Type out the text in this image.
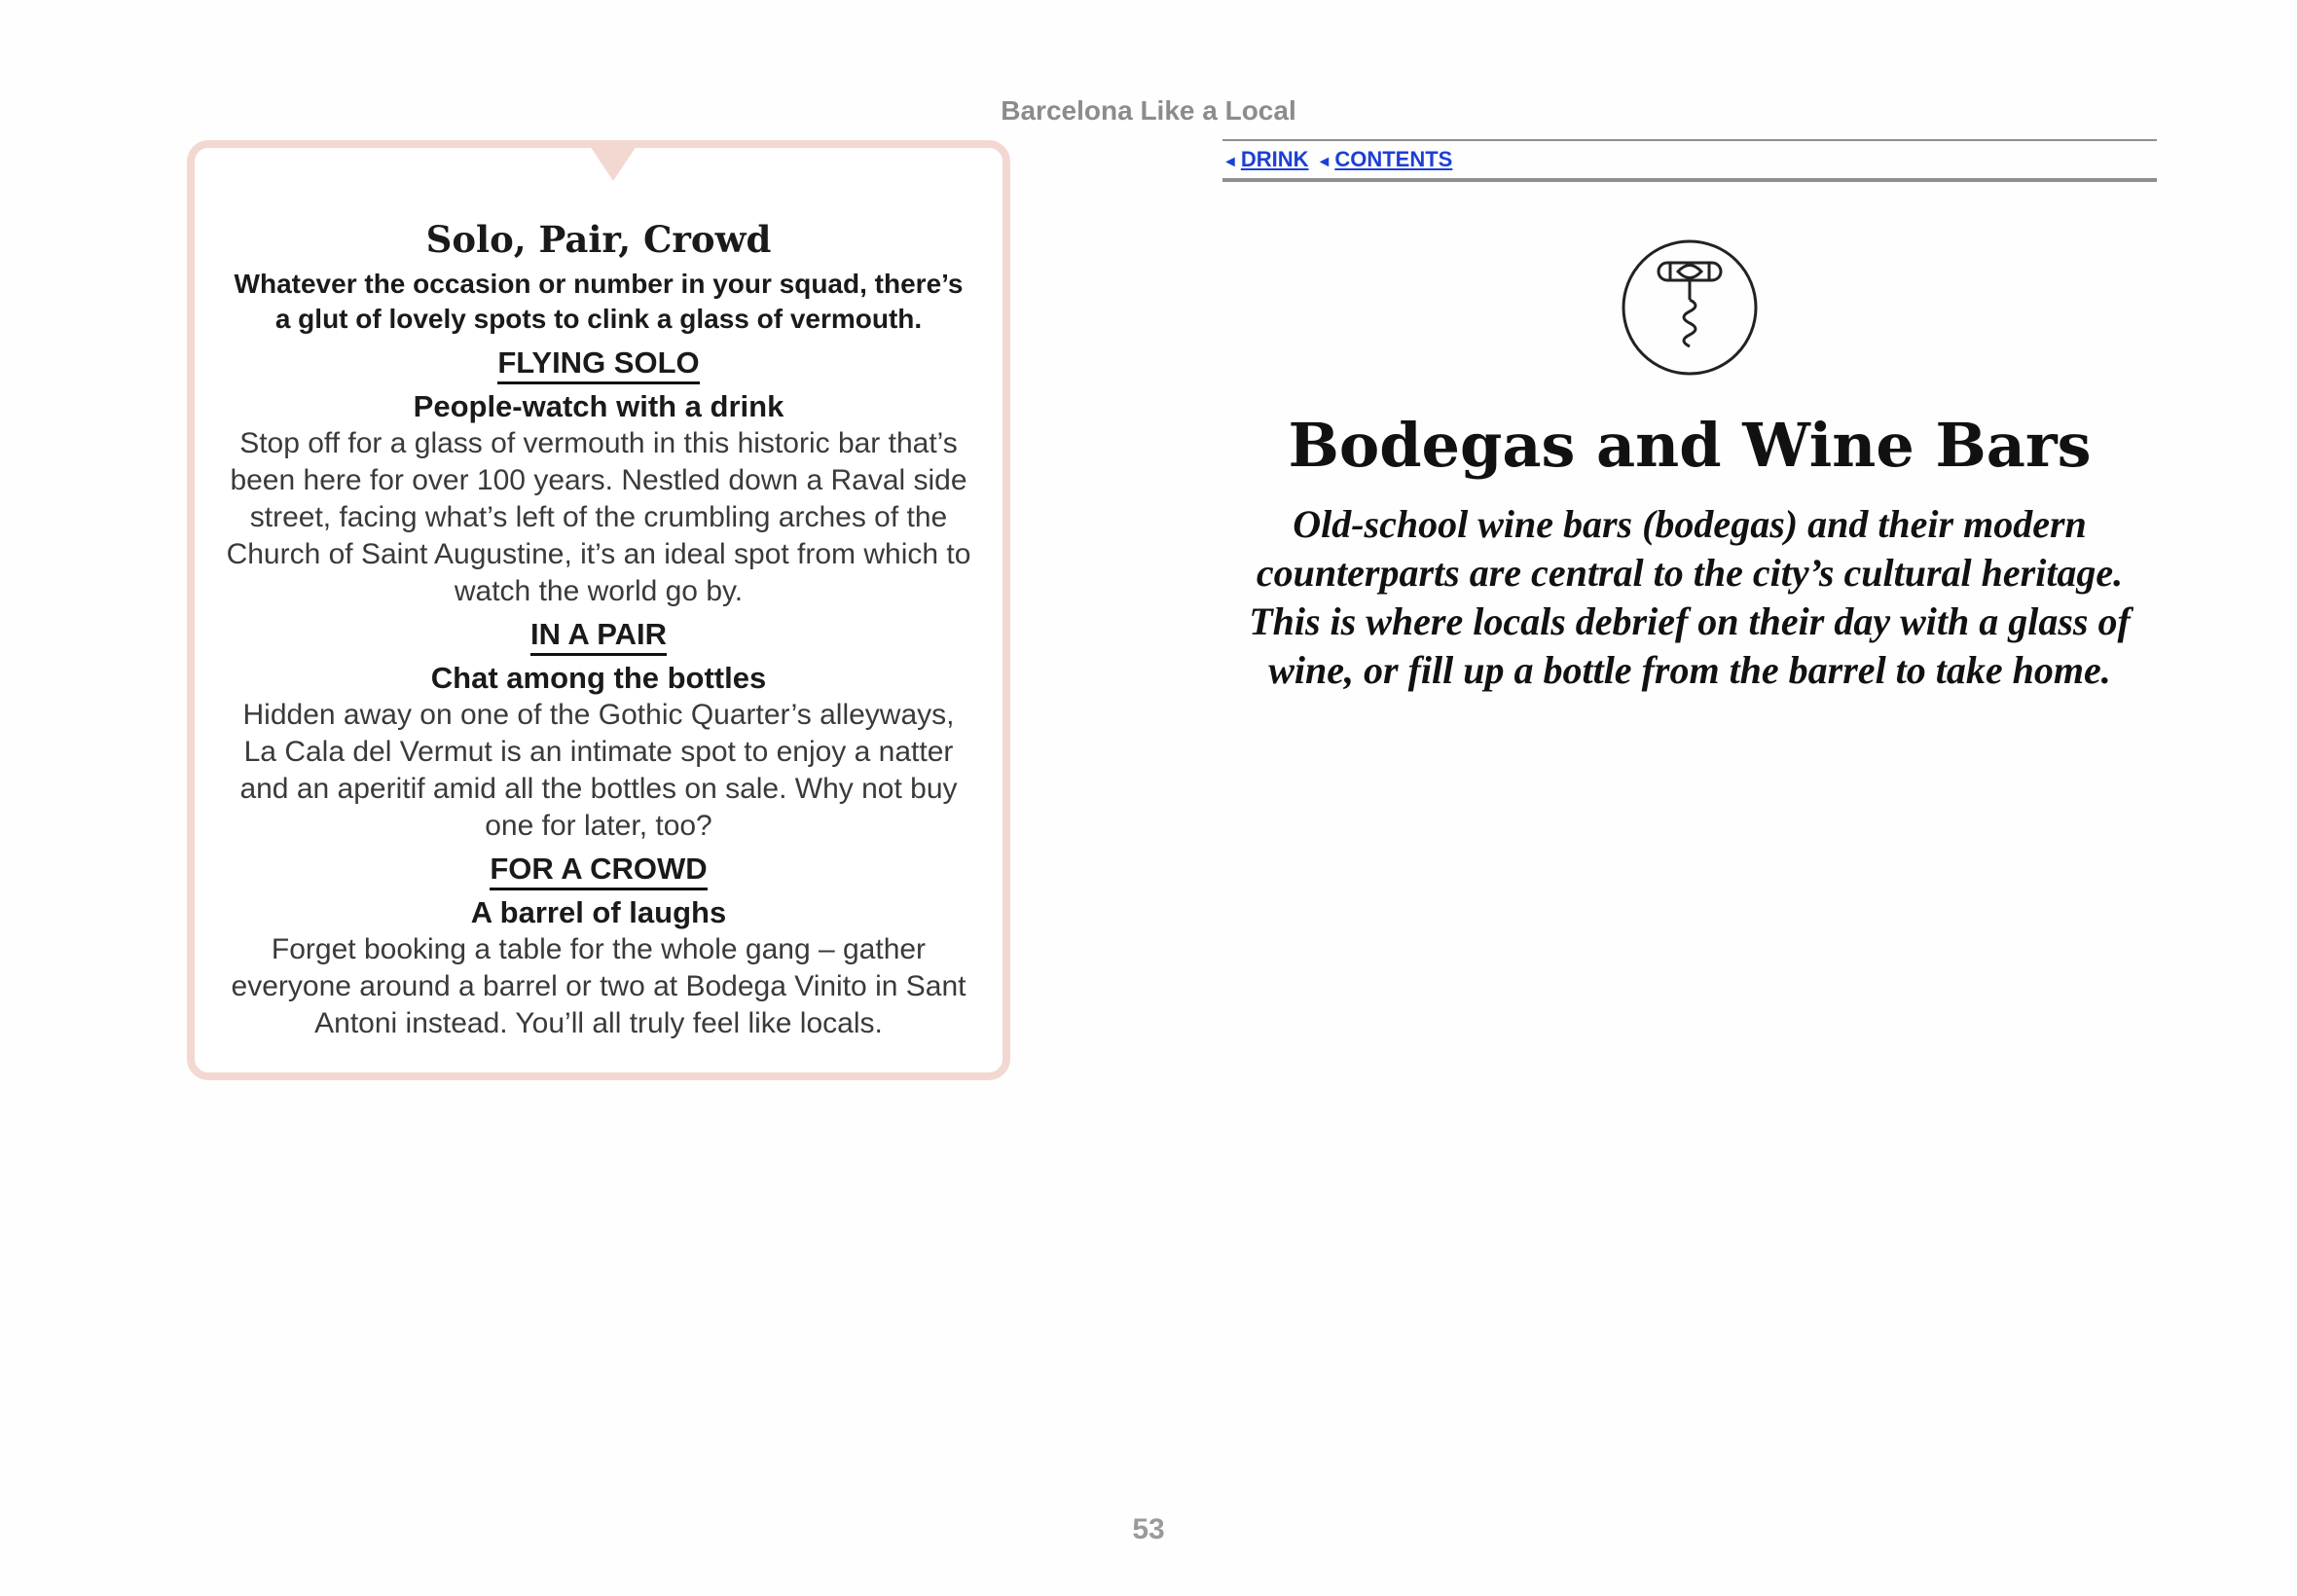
Barcelona Like a Local
Solo, Pair, Crowd
Whatever the occasion or number in your squad, there’s a glut of lovely spots to clink a glass of vermouth.
FLYING SOLO
People-watch with a drink
Stop off for a glass of vermouth in this historic bar that’s been here for over 100 years. Nestled down a Raval side street, facing what’s left of the crumbling arches of the Church of Saint Augustine, it’s an ideal spot from which to watch the world go by.
IN A PAIR
Chat among the bottles
Hidden away on one of the Gothic Quarter’s alleyways, La Cala del Vermut is an intimate spot to enjoy a natter and an aperitif amid all the bottles on sale. Why not buy one for later, too?
FOR A CROWD
A barrel of laughs
Forget booking a table for the whole gang – gather everyone around a barrel or two at Bodega Vinito in Sant Antoni instead. You’ll all truly feel like locals.
◄ DRINK ◄ CONTENTS
Bodegas and Wine Bars

Old-school wine bars (bodegas) and their modern counterparts are central to the city’s cultural heritage. This is where locals debrief on their day with a glass of wine, or fill up a bottle from the barrel to take home.

53
